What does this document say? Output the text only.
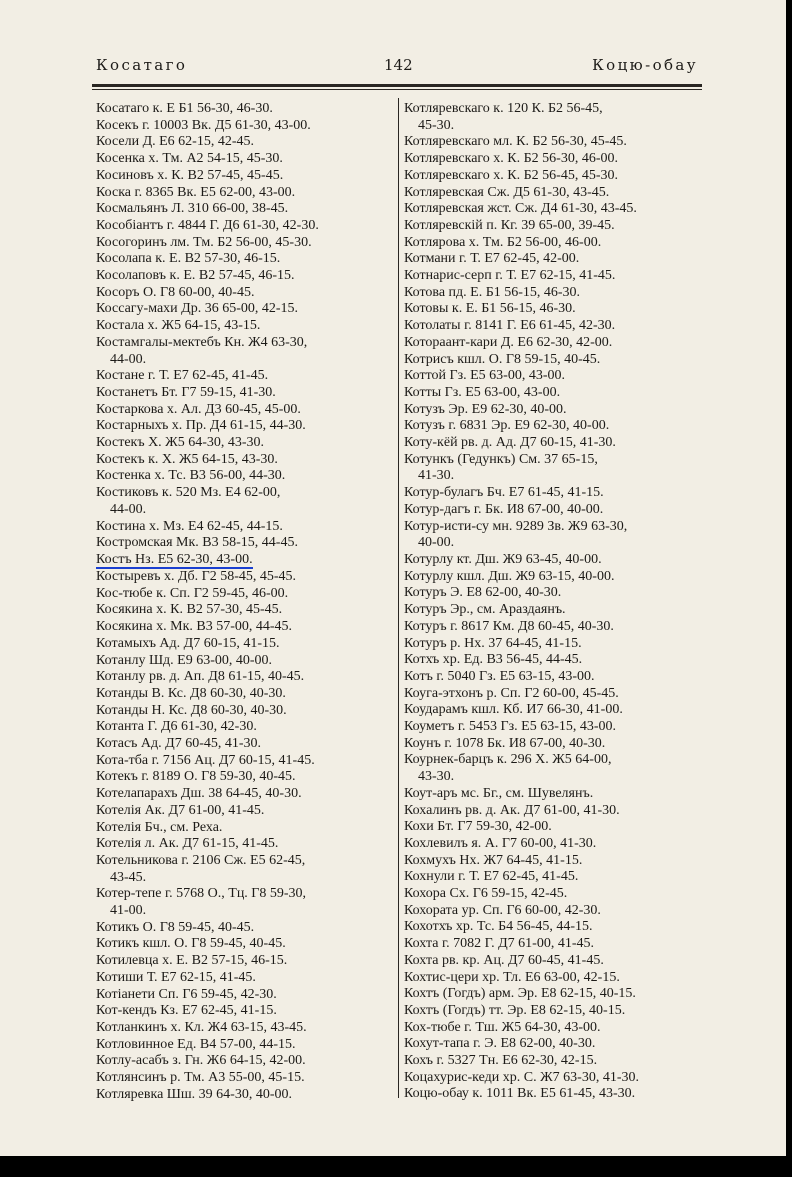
Косатаго	142	Коцю-обау
Косатаго к. Е Б1 56-30, 46-30.
Косекъ г. 10003 Вк. Д5 61-30, 43-00.
Косели Д. Е6 62-15, 42-45.
Косенка х. Тм. А2 54-15, 45-30.
Косиновъ х. К. В2 57-45, 45-45.
Коска г. 8365 Вк. Е5 62-00, 43-00.
Космальянъ Л. 310 66-00, 38-45.
Кособіантъ г. 4844 Г. Д6 61-30, 42-30.
Косогоринъ лм. Тм. Б2 56-00, 45-30.
Косолапа к. Е. В2 57-30, 46-15.
Косолаповъ к. Е. В2 57-45, 46-15.
Косоръ О. Г8 60-00, 40-45.
Коссагу-махи Др. 36 65-00, 42-15.
Костала х. Ж5 64-15, 43-15.
Костамгалы-мектебъ Кн. Ж4 63-30,
44-00.
Костане г. Т. Е7 62-45, 41-45.
Костанетъ Бт. Г7 59-15, 41-30.
Костаркова х. Ал. Д3 60-45, 45-00.
Костарныхъ х. Пр. Д4 61-15, 44-30.
Костекъ Х. Ж5 64-30, 43-30.
Костекъ к. Х. Ж5 64-15, 43-30.
Костенка х. Тс. В3 56-00, 44-30.
Костиковъ к. 520 Мз. Е4 62-00,
44-00.
Костина х. Мз. Е4 62-45, 44-15.
Костромская Мк. В3 58-15, 44-45.
Костъ Нз. Е5 62-30, 43-00.
Костыревъ х. Дб. Г2 58-45, 45-45.
Кос-тюбе к. Сп. Г2 59-45, 46-00.
Косякина х. К. В2 57-30, 45-45.
Косякина х. Мк. В3 57-00, 44-45.
Котамыхъ Ад. Д7 60-15, 41-15.
Котанлу Шд. Е9 63-00, 40-00.
Котанлу рв. д. Ап. Д8 61-15, 40-45.
Котанды В. Кс. Д8 60-30, 40-30.
Котанды Н. Кс. Д8 60-30, 40-30.
Котанта Г. Д6 61-30, 42-30.
Котасъ Ад. Д7 60-45, 41-30.
Кота-тба г. 7156 Ац. Д7 60-15, 41-45.
Котекъ г. 8189 О. Г8 59-30, 40-45.
Котелапарахъ Дш. 38 64-45, 40-30.
Котелія Ак. Д7 61-00, 41-45.
Котелія Бч., см. Реха.
Котелія л. Ак. Д7 61-15, 41-45.
Котельникова г. 2106 Сж. Е5 62-45,
43-45.
Котер-тепе г. 5768 О., Тц. Г8 59-30,
41-00.
Котикъ О. Г8 59-45, 40-45.
Котикъ кшл. О. Г8 59-45, 40-45.
Котилевца х. Е. В2 57-15, 46-15.
Котиши Т. Е7 62-15, 41-45.
Котіанети Сп. Г6 59-45, 42-30.
Кот-кендъ Кз. Е7 62-45, 41-15.
Котланкинъ х. Кл. Ж4 63-15, 43-45.
Котловинное Ед. В4 57-00, 44-15.
Котлу-асабъ з. Гн. Ж6 64-15, 42-00.
Котлянсинъ р. Тм. А3 55-00, 45-15.
Котляревка Шш. 39 64-30, 40-00.
Котляревскаго к. 120 К. Б2 56-45,
45-30.
Котляревскаго мл. К. Б2 56-30, 45-45.
Котляревскаго х. К. Б2 56-30, 46-00.
Котляревскаго х. К. Б2 56-45, 45-30.
Котляревская Сж. Д5 61-30, 43-45.
Котляревская жст. Сж. Д4 61-30, 43-45.
Котляревскій п. Кг. 39 65-00, 39-45.
Котлярова х. Тм. Б2 56-00, 46-00.
Котмани г. Т. Е7 62-45, 42-00.
Котнарис-серп г. Т. Е7 62-15, 41-45.
Котова пд. Е. Б1 56-15, 46-30.
Котовы к. Е. Б1 56-15, 46-30.
Котолаты г. 8141 Г. Е6 61-45, 42-30.
Котораант-кари Д. Е6 62-30, 42-00.
Котрисъ кшл. О. Г8 59-15, 40-45.
Коттой Гз. Е5 63-00, 43-00.
Котты Гз. Е5 63-00, 43-00.
Котузъ Эр. Е9 62-30, 40-00.
Котузъ г. 6831 Эр. Е9 62-30, 40-00.
Коту-кёй рв. д. Ад. Д7 60-15, 41-30.
Котункъ (Гедункъ) См. 37 65-15,
41-30.
Котур-булагъ Бч. Е7 61-45, 41-15.
Котур-дагъ г. Бк. И8 67-00, 40-00.
Котур-исти-су мн. 9289 Зв. Ж9 63-30,
40-00.
Котурлу кт. Дш. Ж9 63-45, 40-00.
Котурлу кшл. Дш. Ж9 63-15, 40-00.
Котуръ Э. Е8 62-00, 40-30.
Котуръ Эр., см. Араздаянъ.
Котуръ г. 8617 Км. Д8 60-45, 40-30.
Котуръ р. Нх. 37 64-45, 41-15.
Котхъ хр. Ед. В3 56-45, 44-45.
Котъ г. 5040 Гз. Е5 63-15, 43-00.
Коуга-этхонъ р. Сп. Г2 60-00, 45-45.
Коударамъ кшл. Кб. И7 66-30, 41-00.
Коуметъ г. 5453 Гз. Е5 63-15, 43-00.
Коунъ г. 1078 Бк. И8 67-00, 40-30.
Коурнек-барцъ к. 296 Х. Ж5 64-00,
43-30.
Коут-аръ мс. Бг., см. Шувелянъ.
Кохалинъ рв. д. Ак. Д7 61-00, 41-30.
Кохи Бт. Г7 59-30, 42-00.
Кохлевилъ я. А. Г7 60-00, 41-30.
Кохмухъ Нх. Ж7 64-45, 41-15.
Кохнули г. Т. Е7 62-45, 41-45.
Кохора Сх. Г6 59-15, 42-45.
Кохората ур. Сп. Г6 60-00, 42-30.
Кохотхъ хр. Тс. Б4 56-45, 44-15.
Кохта г. 7082 Г. Д7 61-00, 41-45.
Кохта рв. кр. Ац. Д7 60-45, 41-45.
Кохтис-цери хр. Тл. Е6 63-00, 42-15.
Кохтъ (Гогдъ) арм. Эр. Е8 62-15, 40-15.
Кохтъ (Гогдъ) тт. Эр. Е8 62-15, 40-15.
Кох-тюбе г. Тш. Ж5 64-30, 43-00.
Кохут-тапа г. Э. Е8 62-00, 40-30.
Кохъ г. 5327 Тн. Е6 62-30, 42-15.
Коцахурис-кеди хр. С. Ж7 63-30, 41-30.
Коцю-обау к. 1011 Вк. Е5 61-45, 43-30.
